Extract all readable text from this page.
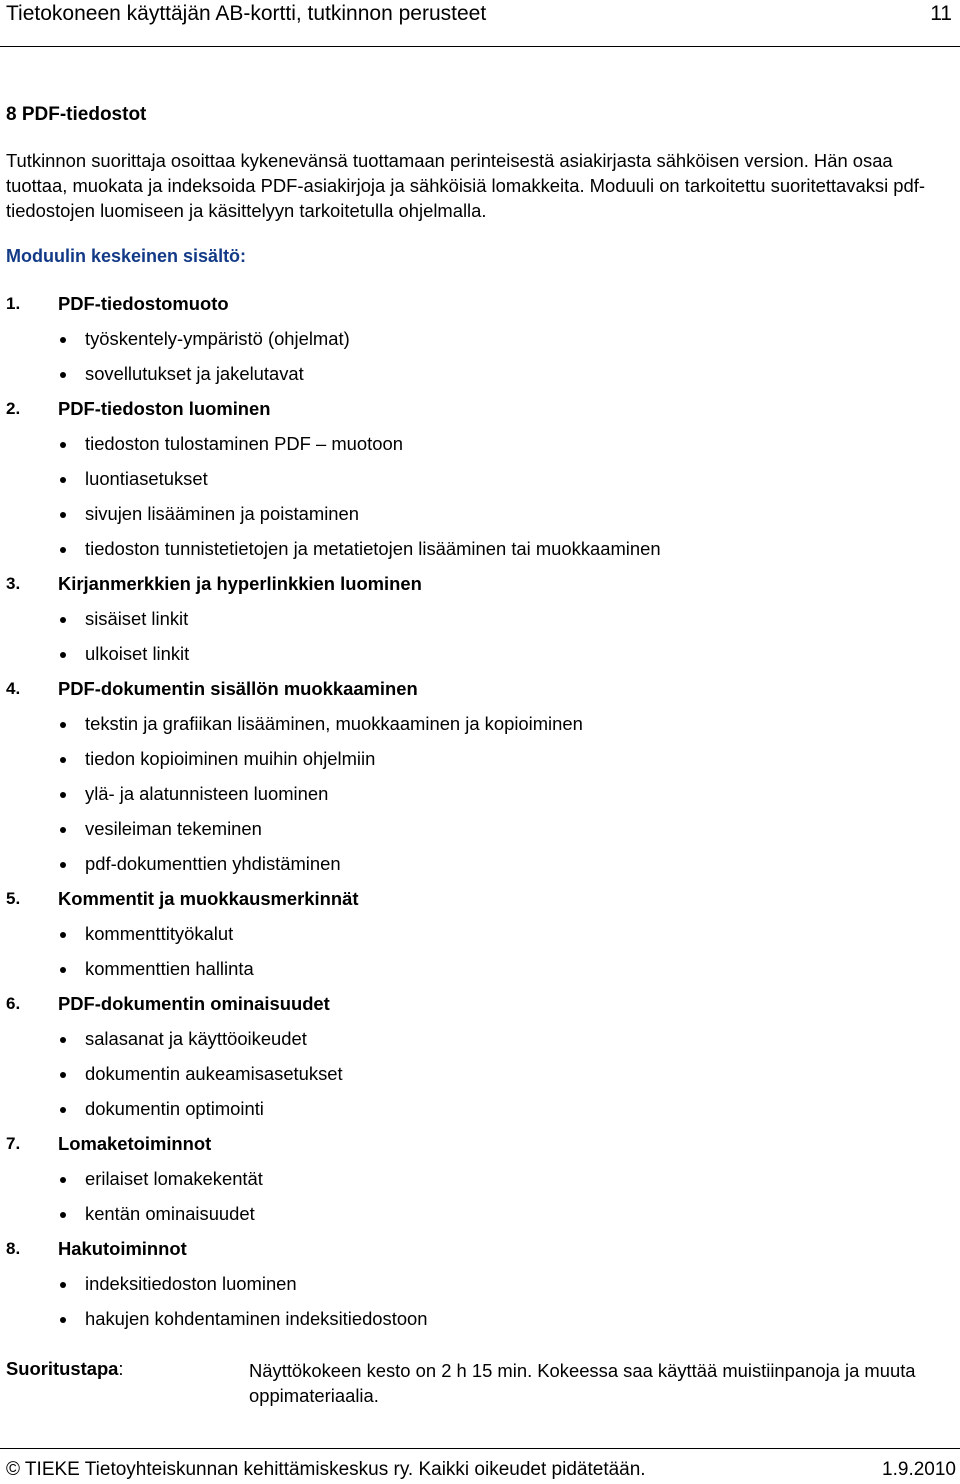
Tietokoneen käyttäjän AB-kortti, tutkinnon perusteet	11
8 PDF-tiedostot

Tutkinnon suorittaja osoittaa kykenevänsä tuottamaan perinteisestä asiakirjasta sähköisen version. Hän osaa tuottaa, muokata ja indeksoida PDF-asiakirjoja ja sähköisiä lomakkeita. Moduuli on tarkoitettu suoritettavaksi pdf-tiedostojen luomiseen ja käsittelyyn tarkoitetulla ohjelmalla.

Moduulin keskeinen sisältö:
1. PDF-tiedostomuoto
työskentely-ympäristö (ohjelmat)
sovellutukset ja jakelutavat
2. PDF-tiedoston luominen
tiedoston tulostaminen PDF – muotoon
luontiasetukset
sivujen lisääminen ja poistaminen
tiedoston tunnistetietojen ja metatietojen lisääminen tai muokkaaminen
3. Kirjanmerkkien ja hyperlinkkien luominen
sisäiset linkit
ulkoiset linkit
4. PDF-dokumentin sisällön muokkaaminen
tekstin ja grafiikan lisääminen, muokkaaminen ja kopioiminen
tiedon kopioiminen muihin ohjelmiin
ylä- ja alatunnisteen luominen
vesileiman tekeminen
pdf-dokumenttien yhdistäminen
5. Kommentit ja muokkausmerkinnät
kommenttityökalut
kommenttien hallinta
6. PDF-dokumentin ominaisuudet
salasanat ja käyttöoikeudet
dokumentin aukeamisasetukset
dokumentin optimointi
7. Lomaketoiminnot
erilaiset lomakekentät
kentän ominaisuudet
8. Hakutoiminnot
indeksitiedoston luominen
hakujen kohdentaminen indeksitiedostoon
Suoritustapa:	Näyttökokeen kesto on 2 h 15 min. Kokeessa saa käyttää muistiinpanoja ja muuta oppimateriaalia.

© TIEKE Tietoyhteiskunnan kehittämiskeskus ry. Kaikki oikeudet pidätetään.	1.9.2010
